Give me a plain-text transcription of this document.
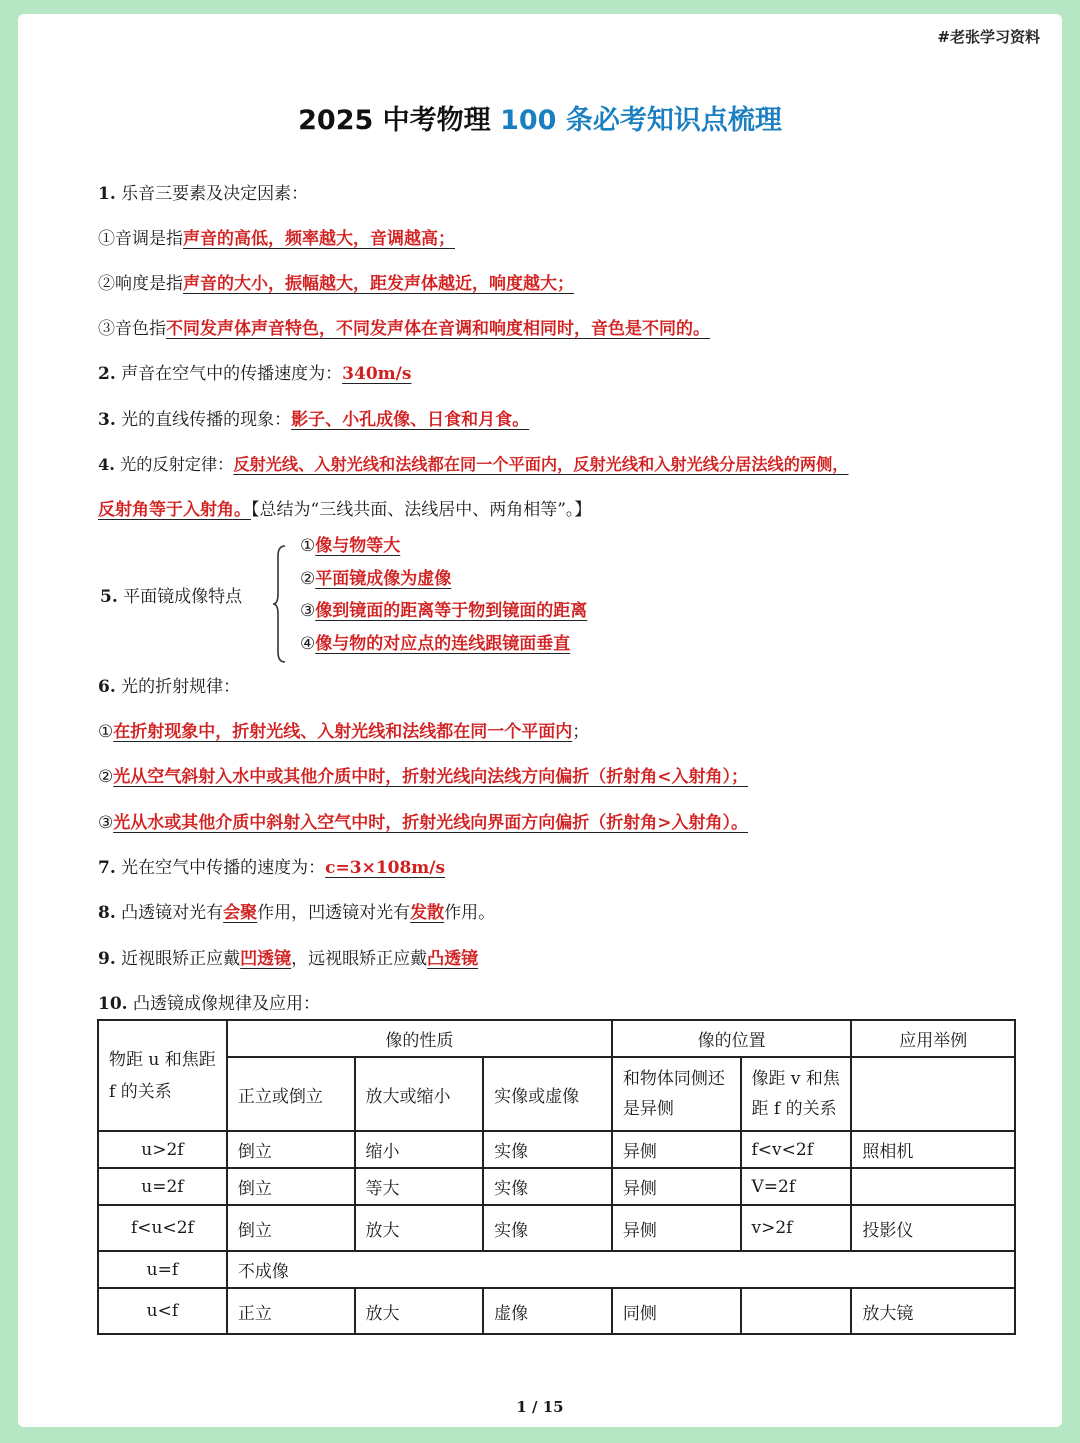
#老张学习资料
2025 中考物理 100 条必考知识点梳理
1. 乐音三要素及决定因素：
①音调是指声音的高低，频率越大，音调越高；
②响度是指声音的大小，振幅越大，距发声体越近，响度越大；
③音色指不同发声体声音特色，不同发声体在音调和响度相同时，音色是不同的。
2. 声音在空气中的传播速度为：340m/s
3. 光的直线传播的现象：影子、小孔成像、日食和月食。
4. 光的反射定律：反射光线、入射光线和法线都在同一个平面内，反射光线和入射光线分居法线的两侧，
反射角等于入射角。【总结为“三线共面、法线居中、两角相等”。】
5. 平面镜成像特点
①像与物等大
②平面镜成像为虚像
③像到镜面的距离等于物到镜面的距离
④像与物的对应点的连线跟镜面垂直
6. 光的折射规律：
①在折射现象中，折射光线、入射光线和法线都在同一个平面内；
②光从空气斜射入水中或其他介质中时，折射光线向法线方向偏折（折射角<入射角）；
③光从水或其他介质中斜射入空气中时，折射光线向界面方向偏折（折射角>入射角）。
7. 光在空气中传播的速度为：c=3×108m/s
8. 凸透镜对光有会聚作用，凹透镜对光有发散作用。
9. 近视眼矫正应戴凹透镜，远视眼矫正应戴凸透镜
10. 凸透镜成像规律及应用：
物距 u 和焦距 f 的关系	像的性质			像的位置		应用举例
	正立或倒立	放大或缩小	实像或虚像	和物体同侧还是异侧	像距 v 和焦距 f 的关系	
u>2f	倒立	缩小	实像	异侧	f<v<2f	照相机
u=2f	倒立	等大	实像	异侧	V=2f	
f<u<2f	倒立	放大	实像	异侧	v>2f	投影仪
u=f	不成像					
u<f	正立	放大	虚像	同侧		放大镜
1 / 15
